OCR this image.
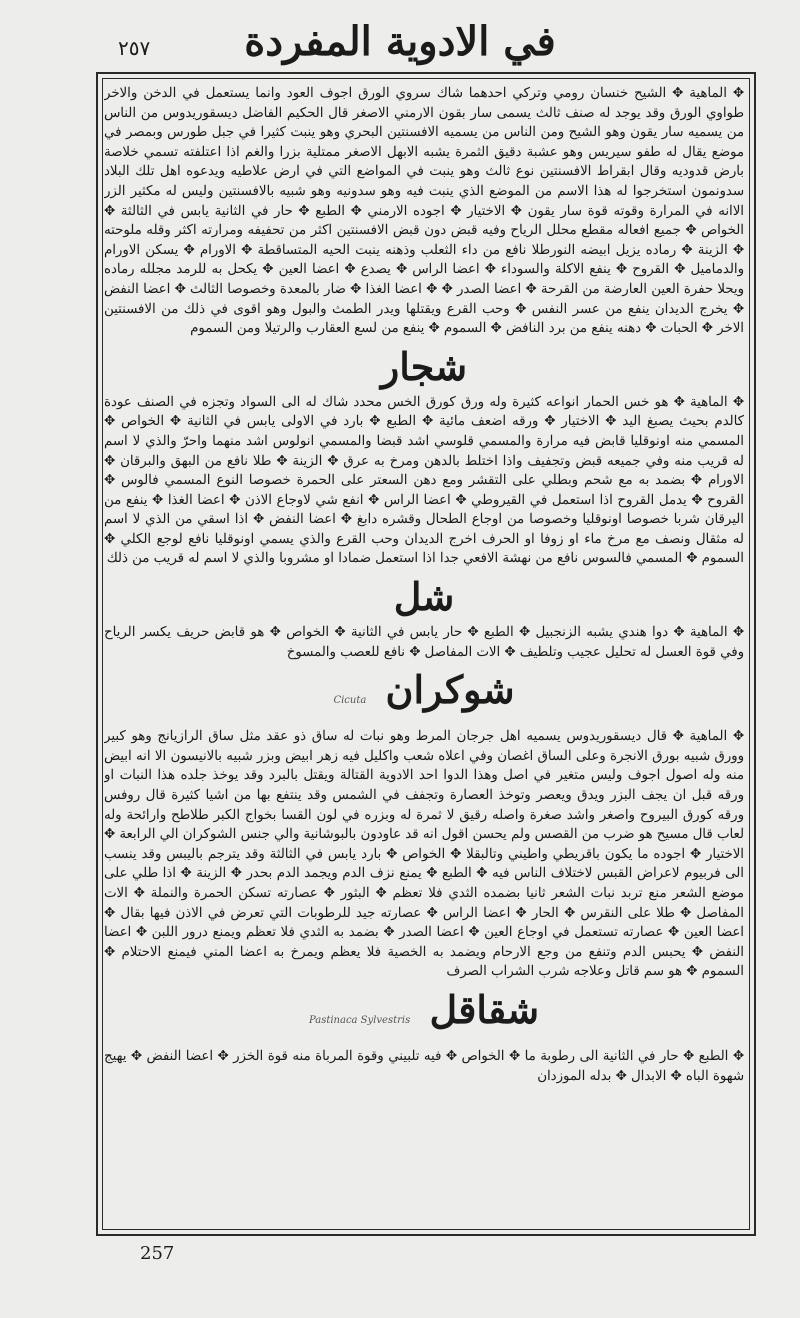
٢٥٧	في الادوية المفردة

✥ الماهية ✥ الشيح خنسان رومي وتركي احدهما شاك سروي الورق اجوف العود وانما يستعمل في الدخن والاخر طواوي الورق وقد يوجد له صنف ثالث يسمى سار بقون الارمني الاصغر قال الحكيم الفاضل ديسقوريدوس من الناس من يسميه سار يقون وهو الشيح ومن الناس من يسميه الافسنتين البحري وهو ينبت كثيرا في جبل طورس وبمصر في موضع يقال له طفو سيريس وهو عشبة دقيق الثمرة يشبه الابهل الاصغر ممتلية بزرا والغم اذا اعتلفته تسمي خلاصة بارض قدوديه وقال ابقراط الافسنتين نوع ثالث وهو ينبت في المواضع التي في ارض علاطيه ويدعوه اهل تلك البلاد سدونمون استخرجوا له هذا الاسم من الموضع الذي ينبت فيه وهو سدونيه وهو شبيه بالافسنتين وليس له مكثير الزر الاانه في المرارة وقوته قوة سار يقون ✥ الاختيار ✥ اجوده الارمني ✥ الطبع ✥ حار في الثانية يابس في الثالثة ✥ الخواص ✥ جميع افعاله مقطع محلل الرياح وفيه قبض دون قبض الافسنتين اكثر من تحفيفه ومرارته اكثر وقله ملوحته ✥ الزينة ✥ رماده يزيل ابيضه النورطلا نافع من داء الثعلب وذهنه ينبت الحيه المتساقطة ✥ الاورام ✥ يسكن الاورام والدماميل ✥ القروح ✥ ينفع الاكلة والسوداء ✥ اعضا الراس ✥ يصدع ✥ اعضا العين ✥ يكحل به للرمد مجلله رماده ويحلا حفرة العين العارضة من القرحة ✥ اعضا الصدر ✥ ✥ اعضا الغذا ✥ ضار بالمعدة وخصوصا الثالث ✥ اعضا النفض ✥ يخرج الديدان ينفع من عسر النفس ✥ وحب القرع ويقتلها ويدر الطمث والبول وهو اقوى في ذلك من الافسنتين الاخر ✥ الحبات ✥ دهنه ينفع من برد النافض ✥ السموم ✥ ينفع من لسع العقارب والرتيلا ومن السموم

شجار

✥ الماهية ✥ هو خس الحمار انواعه كثيرة وله ورق كورق الخس محدد شاك له الى السواد وتجزه في الصنف عودة كالدم بحيث يصبغ اليد ✥ الاختيار ✥ ورقه اضعف مائية ✥ الطبع ✥ بارد في الاولى يابس في الثانية ✥ الخواص ✥ المسمي منه اونوقليا قابض فيه مرارة والمسمي قلوسي اشد قبضا والمسمي انولوس اشد منهما واحرّ والذي لا اسم له قريب منه وفي جميعه قبض وتجفيف واذا اختلط بالدهن ومرخ به عرق ✥ الزينة ✥ طلا نافع من البهق والبرقان ✥ الاورام ✥ بضمد به مع شحم وبطلي على التقشر ومع دهن السعتر على الحمرة خصوصا النوع المسمي فالوس ✥ القروح ✥ يدمل القروح اذا استعمل في القيروطي ✥ اعضا الراس ✥ انفع شي لاوجاع الاذن ✥ اعضا الغذا ✥ ينفع من اليرقان شربا خصوصا اونوقليا وخصوصا من اوجاع الطحال وقشره دابغ ✥ اعضا النفض ✥ اذا اسقي من الذي لا اسم له مثقال ونصف مع مرخ ماء او زوفا او الحرف اخرج الديدان وحب القرع والذي يسمي اونوقليا نافع لوجع الكلي ✥ السموم ✥ المسمي فالسوس نافع من نهشة الافعي جدا اذا استعمل ضمادا او مشروبا والذي لا اسم له قريب من ذلك

شل

✥ الماهية ✥ دوا هندي يشبه الزنجبيل ✥ الطبع ✥ حار يابس في الثانية ✥ الخواص ✥ هو قابض حريف يكسر الرياح وفي قوة العسل له تحليل عجيب وتلطيف ✥ الات المفاصل ✥ نافع للعصب والمسوخ

شوكران Cicuta

✥ الماهية ✥ قال ديسقوريدوس يسميه اهل جرجان المرط وهو نبات له ساق ذو عقد مثل ساق الرازيانج وهو كبير وورق شبيه بورق الانجرة وعلى الساق اغصان وفي اعلاه شعب واكليل فيه زهر ابيض وبزر شبيه بالانيسون الا انه ابيض منه وله اصول اجوف وليس متغير في اصل وهذا الدوا احد الادوية القتالة ويقتل بالبرد وقد يوخذ جلده هذا النبات او ورقه قبل ان يجف البزر ويدق ويعصر وتوخذ العصارة وتجفف في الشمس وقد ينتفع بها من اشيا كثيرة قال روفس ورقه كورق البيروح واصغر واشد صغرة واصله رقيق لا ثمرة له وبزره في لون القسا بخواج الكبر طلاطح وارائحة وله لعاب قال مسيح هو ضرب من القصس ولم يحسن اقول انه قد عاودون بالبوشانية والي جنس الشوكران الي الرابعة ✥ الاختيار ✥ اجوده ما يكون باقريطي واطيني وتالبقلا ✥ الخواص ✥ بارد يابس في الثالثة وقد يترجم باليبس وقد ينسب الى فربيوم لاعراض القبس لاختلاف الناس فيه ✥ الطبع ✥ يمنع نزف الدم ويجمد الدم بحدر ✥ الزينة ✥ اذا طلي على موضع الشعر منع تربد نبات الشعر ثانيا بضمده الثدي فلا تعظم ✥ البثور ✥ عصارته تسكن الحمرة والنملة ✥ الات المفاصل ✥ طلا على النقرس ✥ الحار ✥ اعضا الراس ✥ عصارته جيد للرطوبات التي تعرض في الاذن فيها بقال ✥ اعضا العين ✥ عصارته تستعمل في اوجاع العين ✥ اعضا الصدر ✥ بضمد به الثدي فلا تعظم ويمنع درور اللبن ✥ اعضا النفض ✥ يحبس الدم وتنفع من وجع الارحام ويضمد به الخصية فلا يعظم ويمرخ به اعضا المني فيمنع الاحتلام ✥ السموم ✥ هو سم قاتل وعلاجه شرب الشراب الصرف

شقاقل Pastinaca Sylvestris

✥ الطبع ✥ حار في الثانية الى رطوبة ما ✥ الخواص ✥ فيه تلبيني وقوة المرباة منه قوة الخزر ✥ اعضا النفض ✥ يهيج شهوة الباه ✥ الابدال ✥ بدله الموزدان

257
